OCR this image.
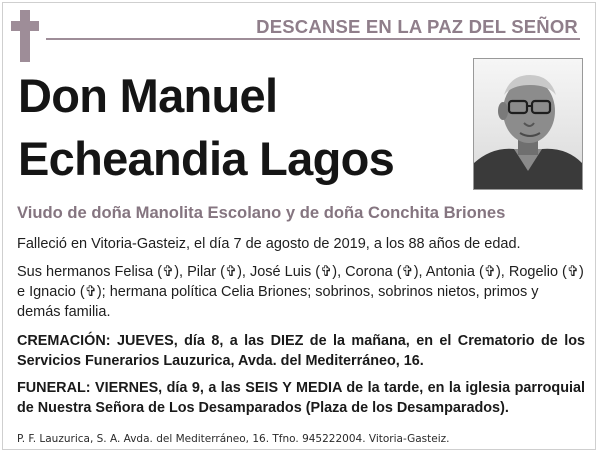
DESCANSE EN LA PAZ DEL SEÑOR
Don Manuel
Echeandia Lagos
Viudo de doña Manolita Escolano y de doña Conchita Briones
Falleció en Vitoria-Gasteiz, el día 7 de agosto de 2019, a los 88 años de edad.
Sus hermanos Felisa (✞), Pilar (✞), José Luis (✞), Corona (✞), Antonia (✞), Rogelio (✞) e Ignacio (✞); hermana política Celia Briones; sobrinos, sobrinos nietos, primos y demás familia.
CREMACIÓN: JUEVES, día 8, a las DIEZ de la mañana, en el Crematorio de los Servicios Funerarios Lauzurica, Avda. del Mediterráneo, 16.
FUNERAL: VIERNES, día 9, a las SEIS Y MEDIA de la tarde, en la iglesia parroquial de Nuestra Señora de Los Desamparados (Plaza de los Desamparados).
P. F. Lauzurica, S. A. Avda. del Mediterráneo, 16. Tfno. 945222004. Vitoria-Gasteiz.
